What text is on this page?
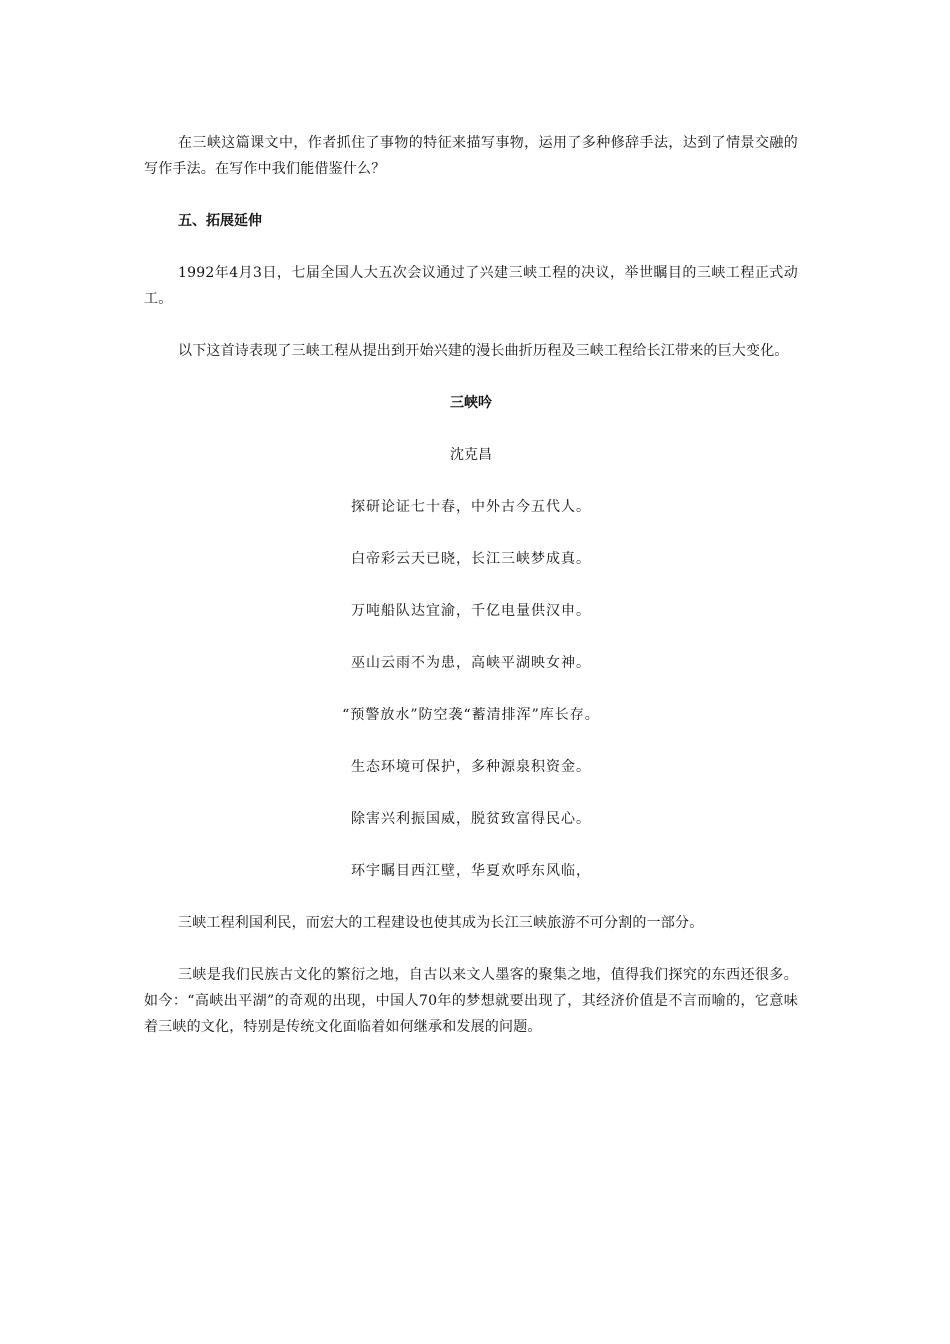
在三峡这篇课文中，作者抓住了事物的特征来描写事物，运用了多种修辞手法，达到了情景交融的写作手法。在写作中我们能借鉴什么？

五、拓展延伸

1992年4月3日，七届全国人大五次会议通过了兴建三峡工程的决议，举世瞩目的三峡工程正式动工。

以下这首诗表现了三峡工程从提出到开始兴建的漫长曲折历程及三峡工程给长江带来的巨大变化。

三峡吟

沈克昌

探研论证七十春，中外古今五代人。

白帝彩云天已晓，长江三峡梦成真。

万吨船队达宜渝，千亿电量供汉申。

巫山云雨不为患，高峡平湖映女神。

“预警放水”防空袭“蓄清排浑”库长存。

生态环境可保护，多种源泉积资金。

除害兴利振国威，脱贫致富得民心。

环宇瞩目西江壁，华夏欢呼东风临，

三峡工程利国利民，而宏大的工程建设也使其成为长江三峡旅游不可分割的一部分。

三峡是我们民族古文化的繁衍之地，自古以来文人墨客的聚集之地，值得我们探究的东西还很多。如今：“高峡出平湖”的奇观的出现，中国人70年的梦想就要出现了，其经济价值是不言而喻的，它意味着三峡的文化，特别是传统文化面临着如何继承和发展的问题。
